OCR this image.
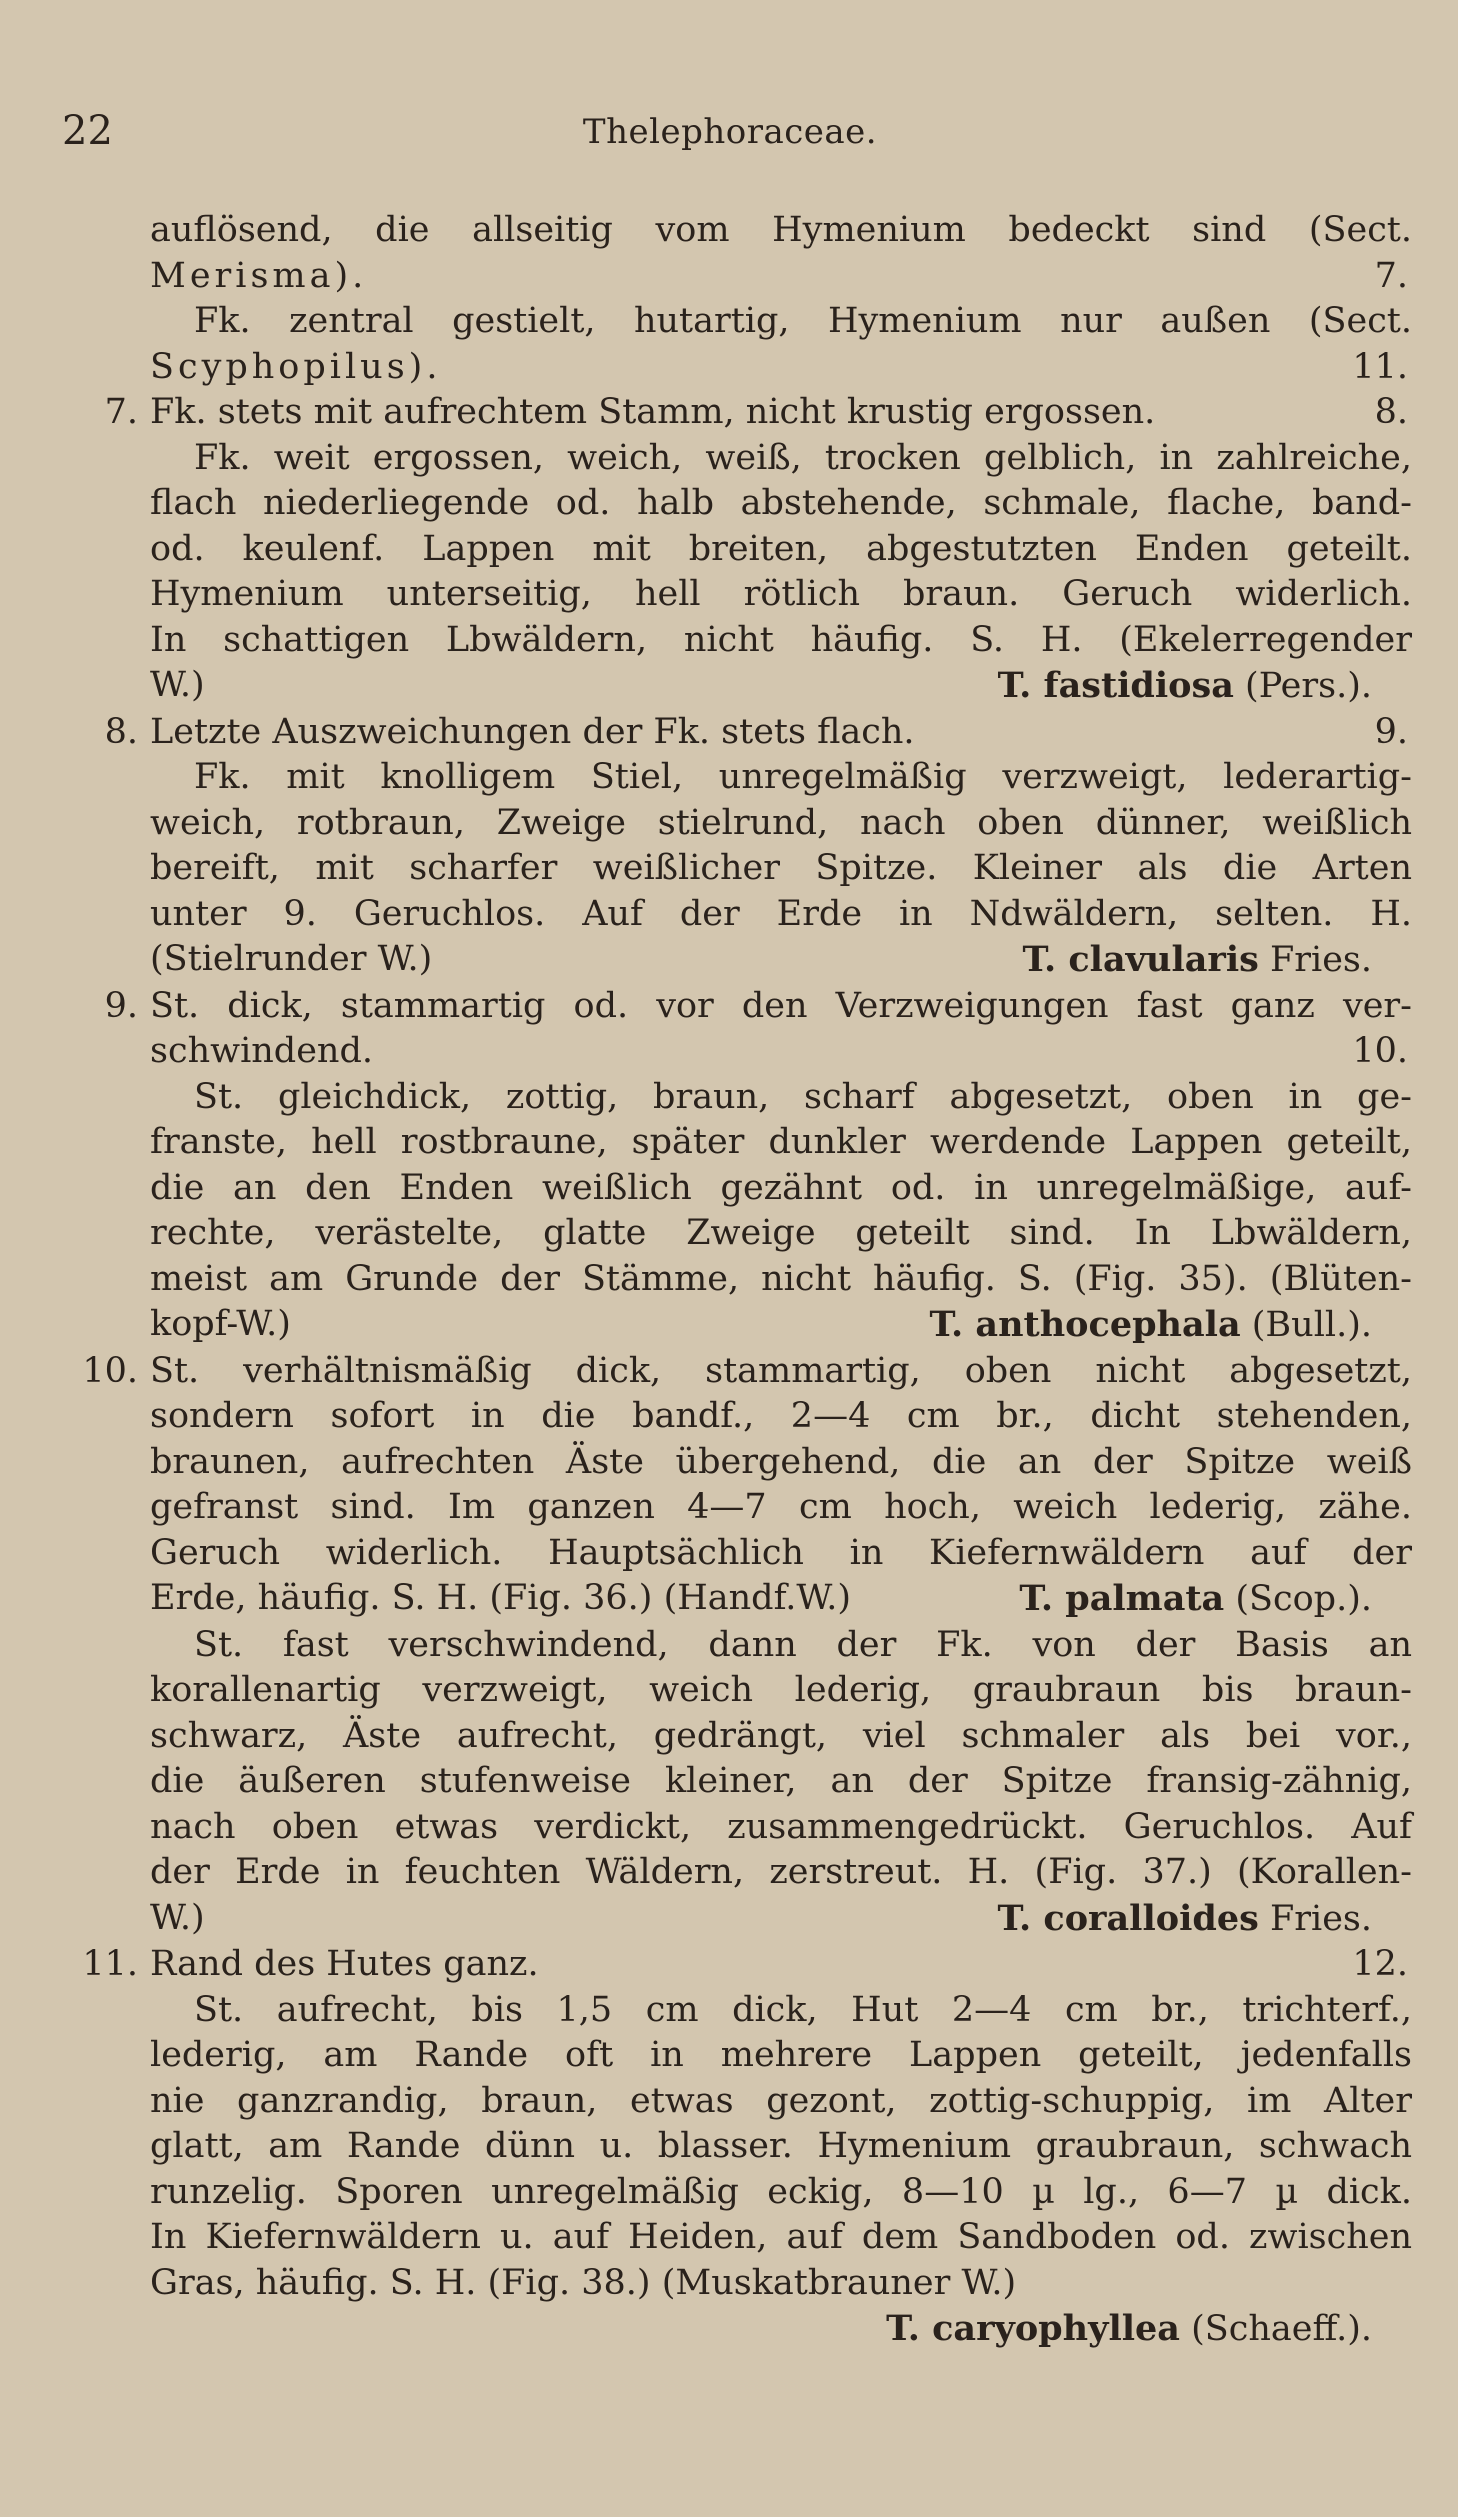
22	Thelephoraceae.

auflösend, die allseitig vom Hymenium bedeckt sind (Sect.

Merisma).	7.

Fk. zentral gestielt, hutartig, Hymenium nur außen (Sect.

Scyphopilus).	11.
7. Fk. stets mit aufrechtem Stamm, nicht krustig ergossen.	8.

Fk. weit ergossen, weich, weiß, trocken gelblich, in zahlreiche,

flach niederliegende od. halb abstehende, schmale, flache, band-

od. keulenf. Lappen mit breiten, abgestutzten Enden geteilt.

Hymenium unterseitig, hell rötlich braun. Geruch widerlich.

In schattigen Lbwäldern, nicht häufig. S. H. (Ekelerregender

W.)	T. fastidiosa (Pers.).
8. Letzte Auszweichungen der Fk. stets flach.	9.

Fk. mit knolligem Stiel, unregelmäßig verzweigt, lederartig-

weich, rotbraun, Zweige stielrund, nach oben dünner, weißlich

bereift, mit scharfer weißlicher Spitze. Kleiner als die Arten

unter 9. Geruchlos. Auf der Erde in Ndwäldern, selten. H.

(Stielrunder W.)	T. clavularis Fries.
9. St. dick, stammartig od. vor den Verzweigungen fast ganz ver-

schwindend.	10.

St. gleichdick, zottig, braun, scharf abgesetzt, oben in ge-

franste, hell rostbraune, später dunkler werdende Lappen geteilt,

die an den Enden weißlich gezähnt od. in unregelmäßige, auf-

rechte, verästelte, glatte Zweige geteilt sind. In Lbwäldern,

meist am Grunde der Stämme, nicht häufig. S. (Fig. 35). (Blüten-

kopf-W.)	T. anthocephala (Bull.).
10. St. verhältnismäßig dick, stammartig, oben nicht abgesetzt,

sondern sofort in die bandf., 2—4 cm br., dicht stehenden,

braunen, aufrechten Äste übergehend, die an der Spitze weiß

gefranst sind. Im ganzen 4—7 cm hoch, weich lederig, zähe.

Geruch widerlich. Hauptsächlich in Kiefernwäldern auf der

Erde, häufig. S. H. (Fig. 36.) (Handf.W.)	T. palmata (Scop.).

St. fast verschwindend, dann der Fk. von der Basis an

korallenartig verzweigt, weich lederig, graubraun bis braun-

schwarz, Äste aufrecht, gedrängt, viel schmaler als bei vor.,

die äußeren stufenweise kleiner, an der Spitze fransig-zähnig,

nach oben etwas verdickt, zusammengedrückt. Geruchlos. Auf

der Erde in feuchten Wäldern, zerstreut. H. (Fig. 37.) (Korallen-

W.)	T. coralloides Fries.
11. Rand des Hutes ganz.	12.

St. aufrecht, bis 1,5 cm dick, Hut 2—4 cm br., trichterf.,

lederig, am Rande oft in mehrere Lappen geteilt, jedenfalls

nie ganzrandig, braun, etwas gezont, zottig-schuppig, im Alter

glatt, am Rande dünn u. blasser. Hymenium graubraun, schwach

runzelig. Sporen unregelmäßig eckig, 8—10 µ lg., 6—7 µ dick.

In Kiefernwäldern u. auf Heiden, auf dem Sandboden od. zwischen

Gras, häufig. S. H. (Fig. 38.) (Muskatbrauner W.)

T. caryophyllea (Schaeff.).
